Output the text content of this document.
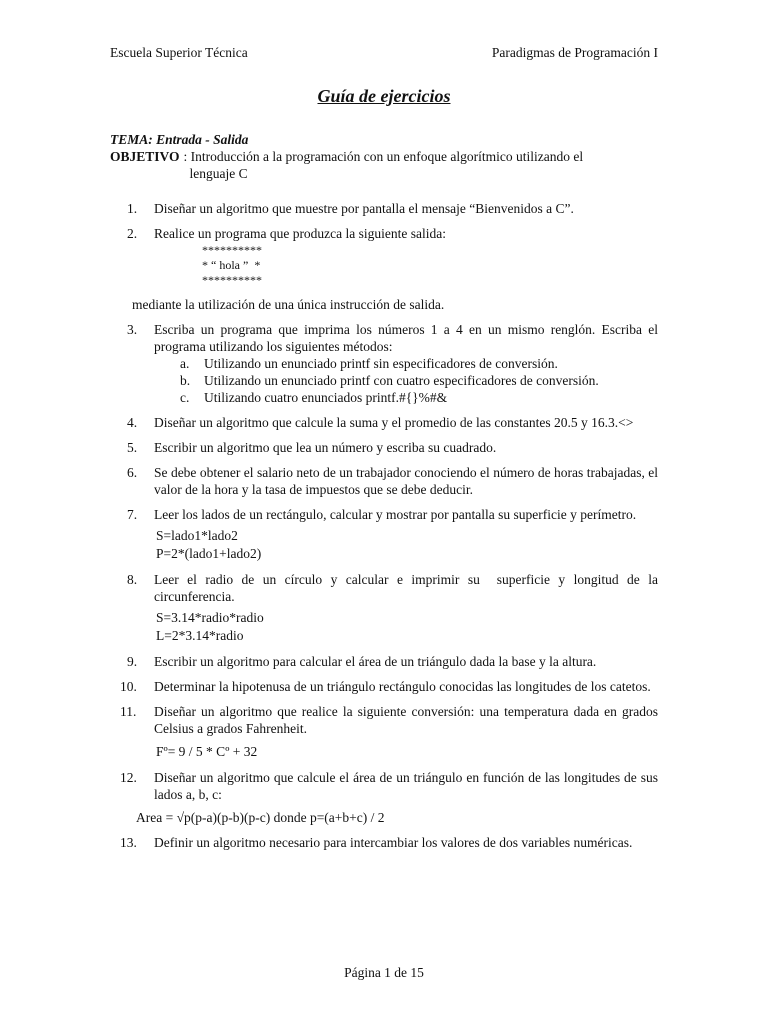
Escuela Superior Técnica	Paradigmas de Programación I
Guía de ejercicios
TEMA: Entrada - Salida
OBJETIVO : Introducción a la programación con un enfoque algorítmico utilizando el
lenguaje C
1.	Diseñar un algoritmo que muestre por pantalla el mensaje “Bienvenidos a C”.
2.	Realice un programa que produzca la siguiente salida:
**********
* “ hola ”  *
**********
mediante la utilización de una única instrucción de salida.
3.	Escriba un programa que imprima los números 1 a 4 en un mismo renglón. Escriba el programa utilizando los siguientes métodos:
a.	Utilizando un enunciado printf sin especificadores de conversión.
b.	Utilizando un enunciado printf con cuatro especificadores de conversión.
c.	Utilizando cuatro enunciados printf.#{}%#&
4.	Diseñar un algoritmo que calcule la suma y el promedio de las constantes 20.5 y 16.3.<>
5.	Escribir un algoritmo que lea un número y escriba su cuadrado.
6.	Se debe obtener el salario neto de un trabajador conociendo el número de horas trabajadas, el valor de la hora y la tasa de impuestos que se debe deducir.
7.	Leer los lados de un rectángulo, calcular y mostrar por pantalla su superficie y perímetro.
S=lado1*lado2
P=2*(lado1+lado2)
8.	Leer el radio de un círculo y calcular e imprimir su  superficie y longitud de la circunferencia.
S=3.14*radio*radio
L=2*3.14*radio
9.	Escribir un algoritmo para calcular el área de un triángulo dada la base y la altura.
10.	Determinar la hipotenusa de un triángulo rectángulo conocidas las longitudes de los catetos.
11.	Diseñar un algoritmo que realice la siguiente conversión: una temperatura dada en grados Celsius a grados Fahrenheit.
Fº= 9 / 5 * Cº + 32
12.	Diseñar un algoritmo que calcule el área de un triángulo en función de las longitudes de sus lados a, b, c:
Area = √p(p-a)(p-b)(p-c) donde p=(a+b+c) / 2
13.	Definir un algoritmo necesario para intercambiar los valores de dos variables numéricas.
Página 1 de 15
